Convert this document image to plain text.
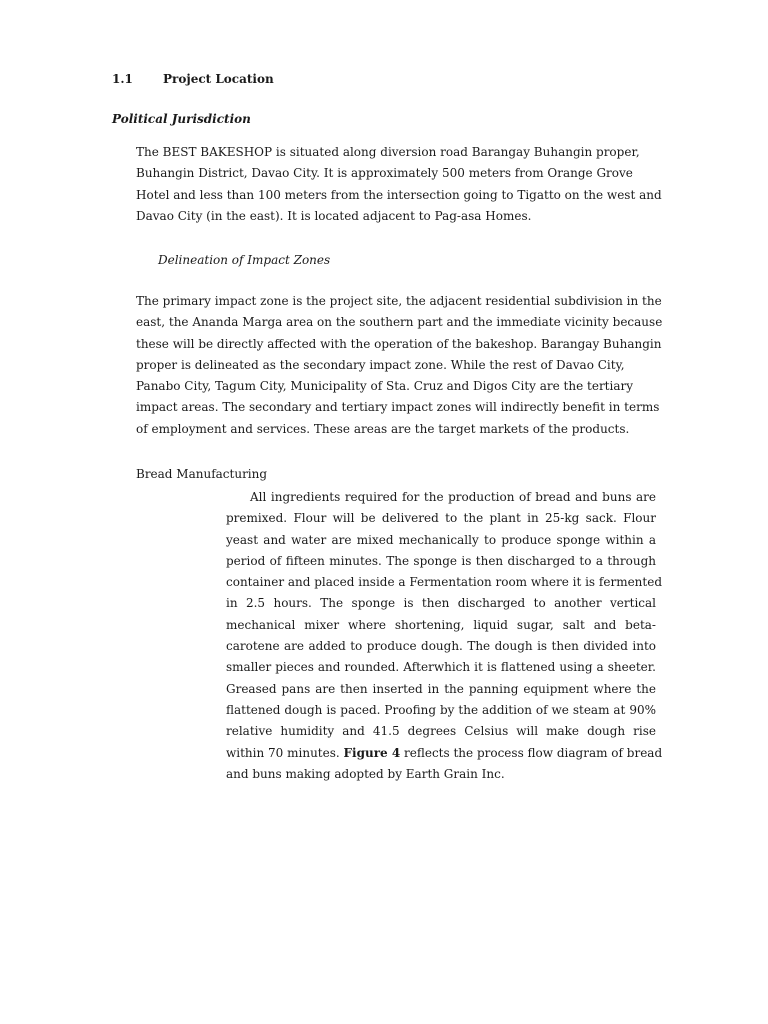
1.1	Project Location
Political Jurisdiction

The BEST BAKESHOP is situated along diversion road Barangay Buhangin proper,
Buhangin District, Davao City. It is approximately 500 meters from Orange Grove
Hotel and less than 100 meters from the intersection going to Tigatto on the west and
Davao City (in the east). It is located adjacent to Pag-asa Homes.

Delineation of Impact Zones

The primary impact zone is the project site, the adjacent residential subdivision in the
east, the Ananda Marga area on the southern part and the immediate vicinity because
these will be directly affected with the operation of the bakeshop. Barangay Buhangin
proper is delineated as the secondary impact zone. While the rest of Davao City,
Panabo City, Tagum City, Municipality of Sta. Cruz and Digos City are the tertiary
impact areas. The secondary and tertiary impact zones will indirectly benefit in terms
of employment and services. These areas are the target markets of the products.

Bread Manufacturing

All ingredients required for the production of bread and buns are
premixed. Flour will be delivered to the plant in 25-kg sack. Flour
yeast and water are mixed mechanically to produce sponge within a
period of fifteen minutes. The sponge is then discharged to a through
container and placed inside a Fermentation room where it is fermented
in 2.5 hours. The sponge is then discharged to another vertical
mechanical mixer where shortening, liquid sugar, salt and beta-
carotene are added to produce dough. The dough is then divided into
smaller pieces and rounded. Afterwhich it is flattened using a sheeter.
Greased pans are then inserted in the panning equipment where the
flattened dough is paced. Proofing by the addition of we steam at 90%
relative humidity and 41.5 degrees Celsius will make dough rise
within 70 minutes. Figure 4 reflects the process flow diagram of bread
and buns making adopted by Earth Grain Inc.
